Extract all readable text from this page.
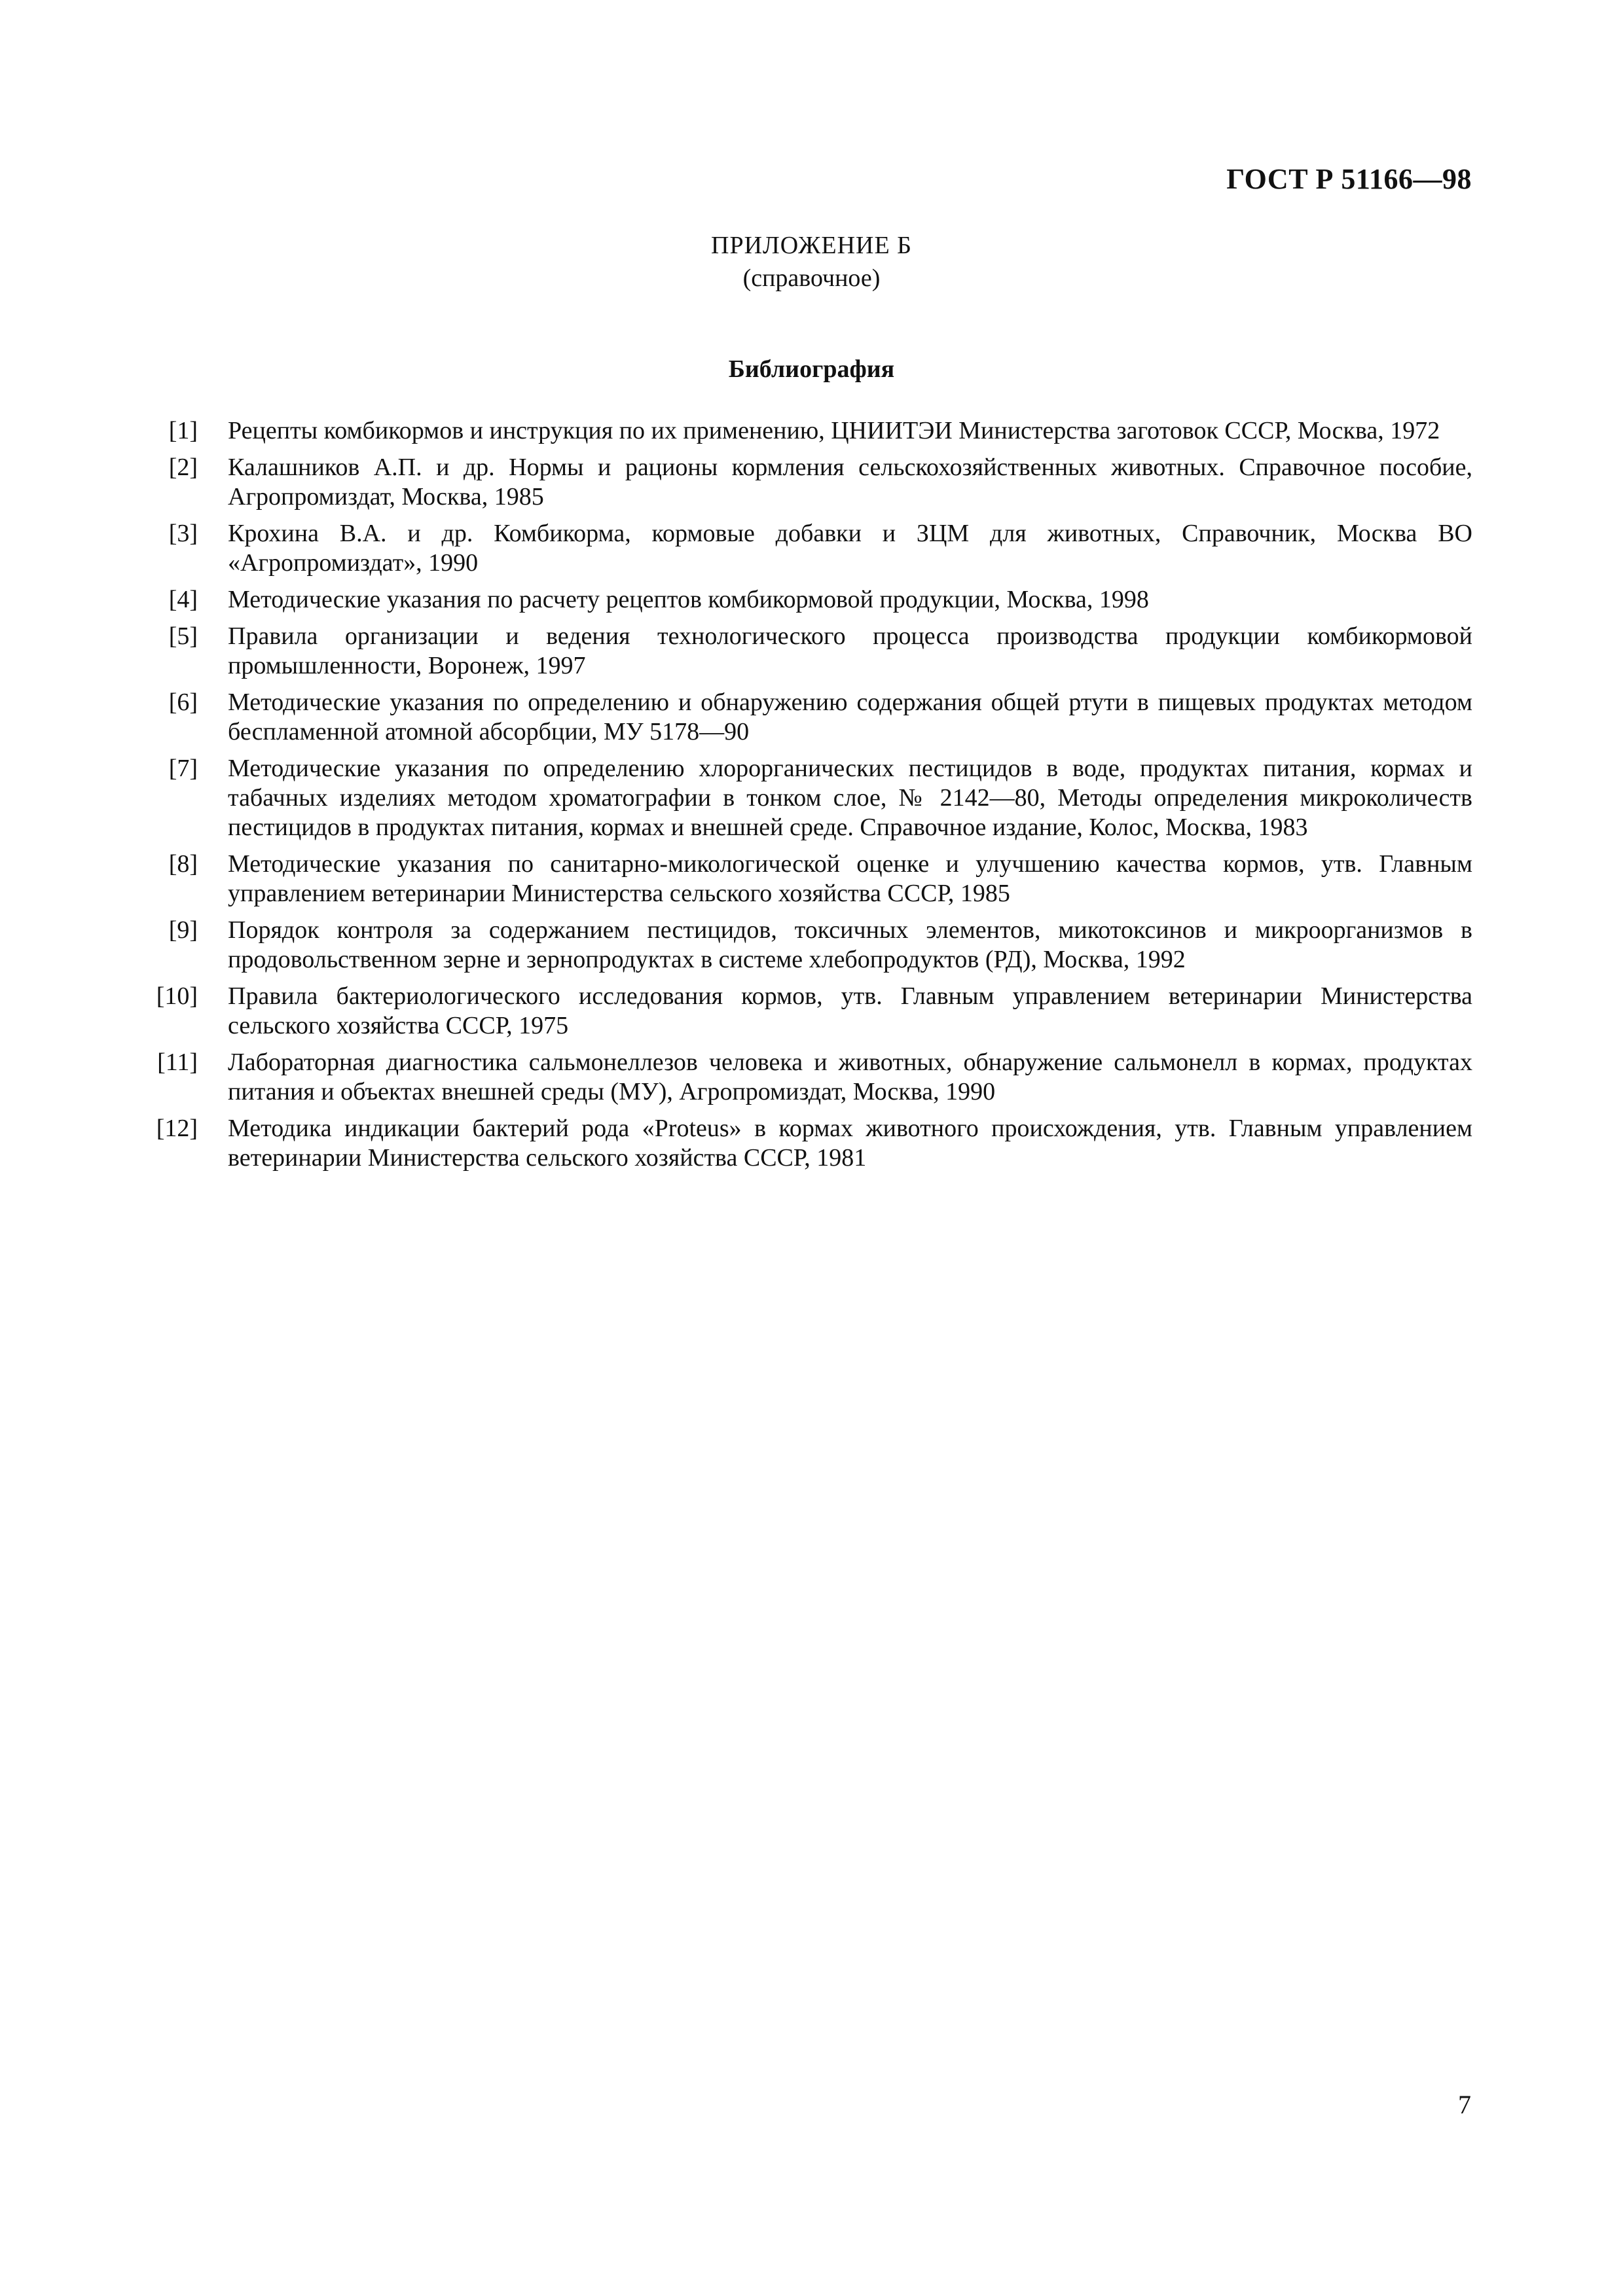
ГОСТ Р 51166—98
ПРИЛОЖЕНИЕ Б
(справочное)
Библиография
[1]	Рецепты комбикормов и инструкция по их применению, ЦНИИТЭИ Министерства заготовок СССР, Москва, 1972
[2]	Калашников А.П. и др. Нормы и рационы кормления сельскохозяйственных животных. Справочное пособие, Агропромиздат, Москва, 1985
[3]	Крохина В.А. и др. Комбикорма, кормовые добавки и ЗЦМ для животных, Справочник, Москва ВО «Агропромиздат», 1990
[4]	Методические указания по расчету рецептов комбикормовой продукции, Москва, 1998
[5]	Правила организации и ведения технологического процесса производства продукции комбикормовой промышленности, Воронеж, 1997
[6]	Методические указания по определению и обнаружению содержания общей ртути в пищевых продуктах методом беспламенной атомной абсорбции, МУ 5178—90
[7]	Методические указания по определению хлорорганических пестицидов в воде, продуктах питания, кормах и табачных изделиях методом хроматографии в тонком слое, № 2142—80, Методы определения микроколичеств пестицидов в продуктах питания, кормах и внешней среде. Справочное издание, Колос, Москва, 1983
[8]	Методические указания по санитарно-микологической оценке и улучшению качества кормов, утв. Главным управлением ветеринарии Министерства сельского хозяйства СССР, 1985
[9]	Порядок контроля за содержанием пестицидов, токсичных элементов, микотоксинов и микроорганизмов в продовольственном зерне и зернопродуктах в системе хлебопродуктов (РД), Москва, 1992
[10]	Правила бактериологического исследования кормов, утв. Главным управлением ветеринарии Министерства сельского хозяйства СССР, 1975
[11]	Лабораторная диагностика сальмонеллезов человека и животных, обнаружение сальмонелл в кормах, продуктах питания и объектах внешней среды (МУ), Агропромиздат, Москва, 1990
[12]	Методика индикации бактерий рода «Proteus» в кормах животного происхождения, утв. Главным управлением ветеринарии Министерства сельского хозяйства СССР, 1981
7
